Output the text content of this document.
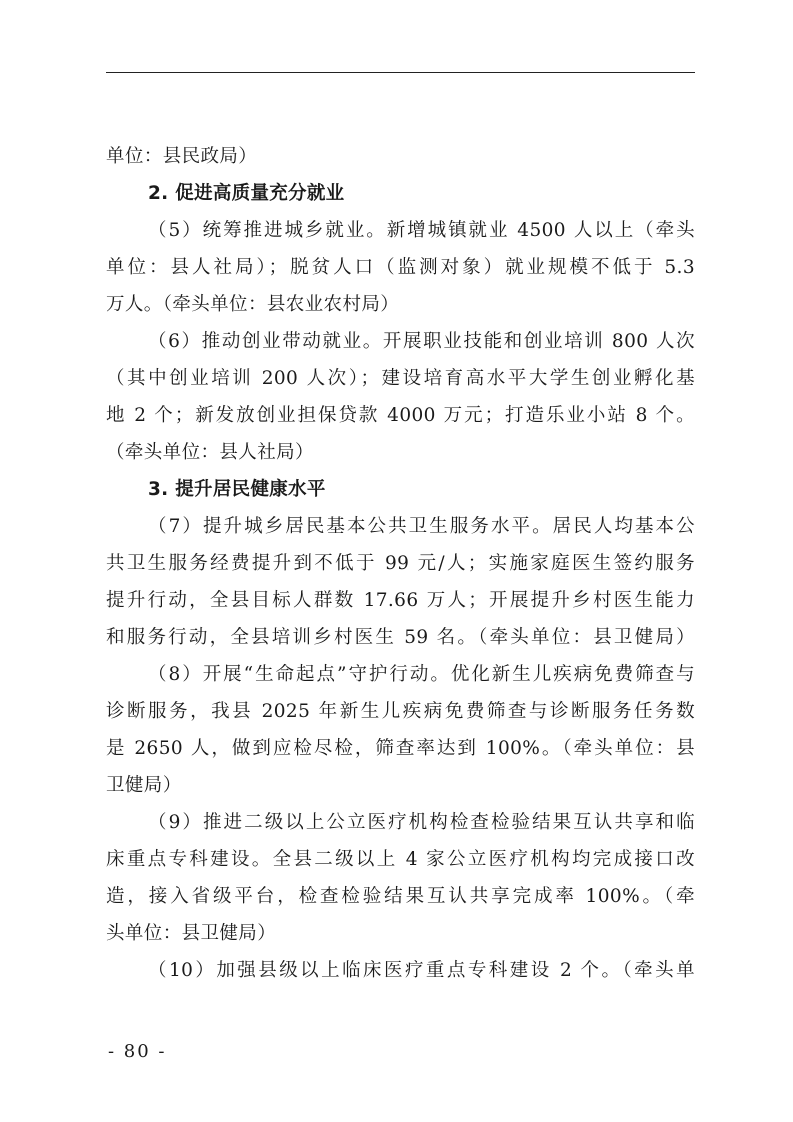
单位：县民政局）
2. 促进高质量充分就业
（5）统筹推进城乡就业。新增城镇就业 4500 人以上（牵头
单位：县人社局）；脱贫人口（监测对象）就业规模不低于 5.3
万人。（牵头单位：县农业农村局）
（6）推动创业带动就业。开展职业技能和创业培训 800 人次
（其中创业培训 200 人次）；建设培育高水平大学生创业孵化基
地 2 个；新发放创业担保贷款 4000 万元；打造乐业小站 8 个。
（牵头单位：县人社局）
3. 提升居民健康水平
（7）提升城乡居民基本公共卫生服务水平。居民人均基本公
共卫生服务经费提升到不低于 99 元/人；实施家庭医生签约服务
提升行动，全县目标人群数 17.66 万人；开展提升乡村医生能力
和服务行动，全县培训乡村医生 59 名。（牵头单位：县卫健局）
（8）开展“生命起点”守护行动。优化新生儿疾病免费筛查与
诊断服务，我县 2025 年新生儿疾病免费筛查与诊断服务任务数
是 2650 人，做到应检尽检，筛查率达到 100%。（牵头单位：县
卫健局）
（9）推进二级以上公立医疗机构检查检验结果互认共享和临
床重点专科建设。全县二级以上 4 家公立医疗机构均完成接口改
造，接入省级平台，检查检验结果互认共享完成率 100%。（牵
头单位：县卫健局）
（10）加强县级以上临床医疗重点专科建设 2 个。（牵头单
- 80 -
